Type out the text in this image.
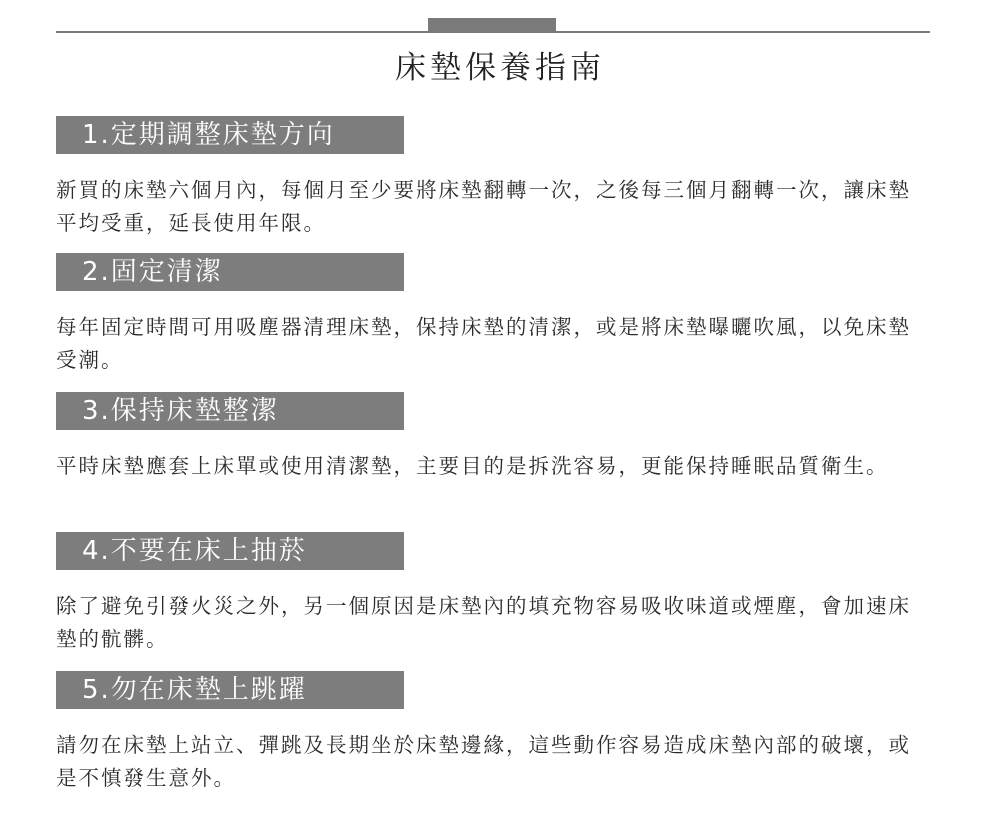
床墊保養指南
1.定期調整床墊方向
新買的床墊六個月內，每個月至少要將床墊翻轉一次，之後每三個月翻轉一次，讓床墊平均受重，延長使用年限。
2.固定清潔
每年固定時間可用吸塵器清理床墊，保持床墊的清潔，或是將床墊曝曬吹風，以免床墊受潮。
3.保持床墊整潔
平時床墊應套上床單或使用清潔墊，主要目的是拆洗容易，更能保持睡眠品質衛生。
4.不要在床上抽菸
除了避免引發火災之外，另一個原因是床墊內的填充物容易吸收味道或煙塵，會加速床墊的骯髒。
5.勿在床墊上跳躍
請勿在床墊上站立、彈跳及長期坐於床墊邊緣，這些動作容易造成床墊內部的破壞，或是不慎發生意外。
